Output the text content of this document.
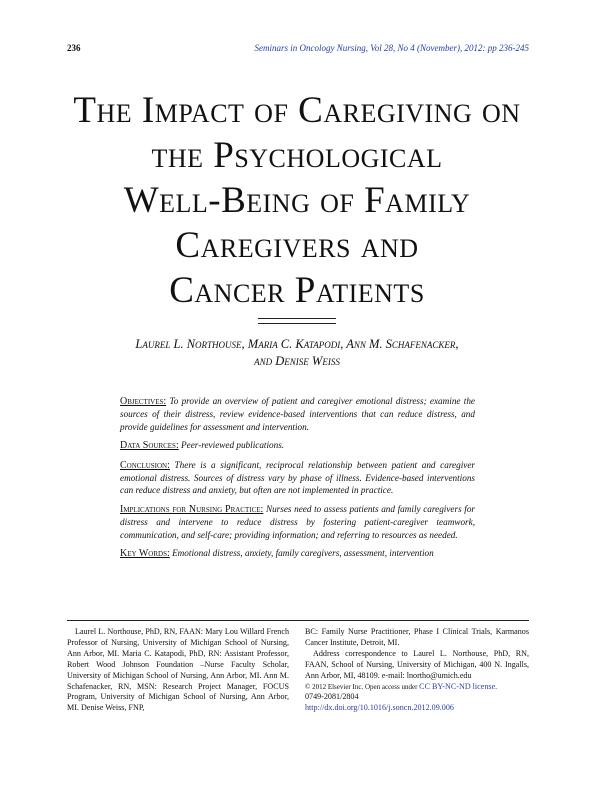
236	Seminars in Oncology Nursing, Vol 28, No 4 (November), 2012: pp 236-245
The Impact of Caregiving on
the Psychological
Well-Being of Family
Caregivers and
Cancer Patients
Laurel L. Northouse, Maria C. Katapodi, Ann M. Schafenacker,
and Denise Weiss

Objectives: To provide an overview of patient and caregiver emotional distress; examine the sources of their distress, review evidence-based interventions that can reduce distress, and provide guidelines for assessment and intervention.

Data Sources: Peer-reviewed publications.

Conclusion: There is a significant, reciprocal relationship between patient and caregiver emotional distress. Sources of distress vary by phase of illness. Evidence-based interventions can reduce distress and anxiety, but often are not implemented in practice.

Implications for Nursing Practice: Nurses need to assess patients and family caregivers for distress and intervene to reduce distress by fostering patient-caregiver teamwork, communication, and self-care; providing information; and referring to resources as needed.

Key Words: Emotional distress, anxiety, family caregivers, assessment, intervention

Laurel L. Northouse, PhD, RN, FAAN: Mary Lou Willard French Professor of Nursing, University of Michigan School of Nursing, Ann Arbor, MI. Maria C. Katapodi, PhD, RN: Assistant Professor, Robert Wood Johnson Foundation –Nurse Faculty Scholar, University of Michigan School of Nursing, Ann Arbor, MI. Ann M. Schafenacker, RN, MSN: Research Project Manager, FOCUS Program, University of Michigan School of Nursing, Ann Arbor, MI. Denise Weiss, FNP,

BC: Family Nurse Practitioner, Phase I Clinical Trials, Karmanos Cancer Institute, Detroit, MI.

Address correspondence to Laurel L. Northouse, PhD, RN, FAAN, School of Nursing, University of Michigan, 400 N. Ingalls, Ann Arbor, MI, 48109. e-mail: lnortho@umich.edu

© 2012 Elsevier Inc. Open access under CC BY-NC-ND license.

0749-2081/2804

http://dx.doi.org/10.1016/j.soncn.2012.09.006
